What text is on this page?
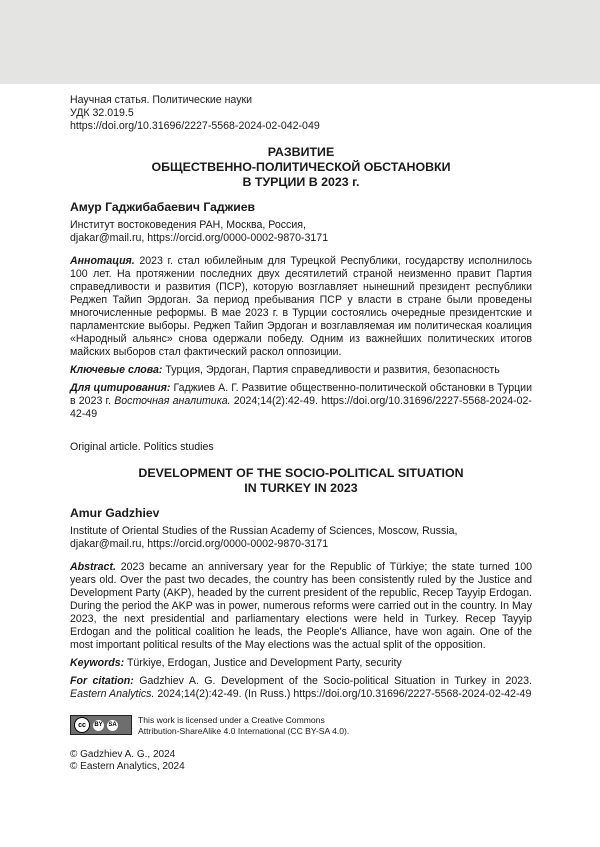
Научная статья. Политические науки
УДК 32.019.5
https://doi.org/10.31696/2227-5568-2024-02-042-049
РАЗВИТИЕ
ОБЩЕСТВЕННО-ПОЛИТИЧЕСКОЙ ОБСТАНОВКИ
В ТУРЦИИ В 2023 г.
Амур Гаджибабаевич Гаджиев
Институт востоковедения РАН, Москва, Россия,
djakar@mail.ru, https://orcid.org/0000-0002-9870-3171
Аннотация. 2023 г. стал юбилейным для Турецкой Республики, государству исполнилось 100 лет. На протяжении последних двух десятилетий страной неизменно правит Партия справедливости и развития (ПСР), которую возглавляет нынешний президент республики Реджеп Тайип Эрдоган. За период пребывания ПСР у власти в стране были проведены многочисленные реформы. В мае 2023 г. в Турции состоялись очередные президентские и парламентские выборы. Реджеп Тайип Эрдоган и возглавляемая им политическая коалиция «Народный альянс» снова одержали победу. Одним из важнейших политических итогов майских выборов стал фактический раскол оппозиции.
Ключевые слова: Турция, Эрдоган, Партия справедливости и развития, безопасность
Для цитирования: Гаджиев А. Г. Развитие общественно-политической обстановки в Турции в 2023 г. Восточная аналитика. 2024;14(2):42-49. https://doi.org/10.31696/2227-5568-2024-02-42-49
Original article. Politics studies
DEVELOPMENT OF THE SOCIO-POLITICAL SITUATION
IN TURKEY IN 2023
Amur Gadzhiev
Institute of Oriental Studies of the Russian Academy of Sciences, Moscow, Russia,
djakar@mail.ru, https://orcid.org/0000-0002-9870-3171
Abstract. 2023 became an anniversary year for the Republic of Türkiye; the state turned 100 years old. Over the past two decades, the country has been consistently ruled by the Justice and Development Party (AKP), headed by the current president of the republic, Recep Tayyip Erdogan. During the period the AKP was in power, numerous reforms were carried out in the country. In May 2023, the next presidential and parliamentary elections were held in Turkey. Recep Tayyip Erdogan and the political coalition he leads, the People's Alliance, have won again. One of the most important political results of the May elections was the actual split of the opposition.
Keywords: Türkiye, Erdogan, Justice and Development Party, security
For citation: Gadzhiev A. G. Development of the Socio-political Situation in Turkey in 2023. Eastern Analytics. 2024;14(2):42-49. (In Russ.) https://doi.org/10.31696/2227-5568-2024-02-42-49
cc	BY SA This work is licensed under a Creative Commons
Attribution-ShareAlike 4.0 International (CC BY-SA 4.0).
© Gadzhiev A. G., 2024
© Eastern Analytics, 2024
